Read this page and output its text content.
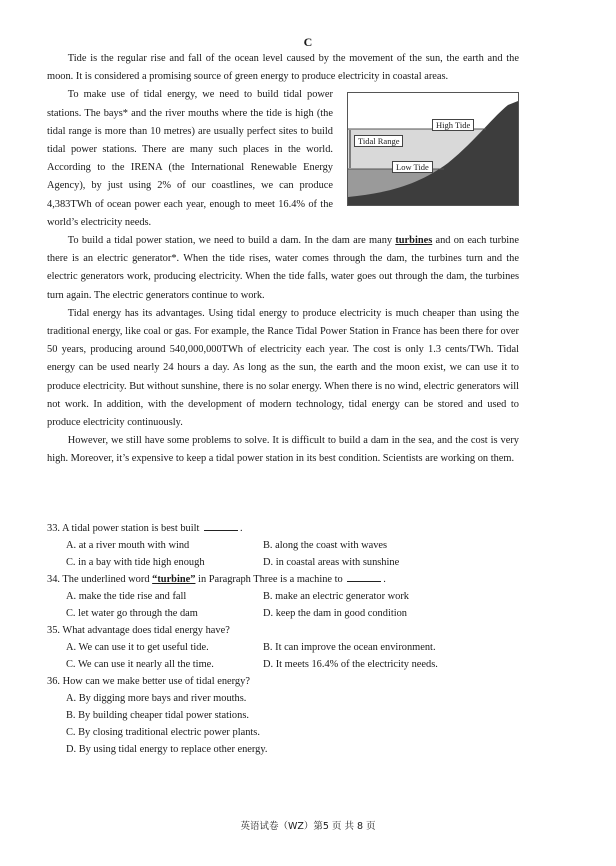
C

Tide is the regular rise and fall of the ocean level caused by the movement of the sun, the earth and the moon. It is considered a promising source of green energy to produce electricity in coastal areas.

High Tide
Tidal Range
Low Tide

To make use of tidal energy, we need to build tidal power stations. The bays* and the river mouths where the tide is high (the tidal range is more than 10 metres) are usually perfect sites to build tidal power stations. There are many such places in the world. According to the IRENA (the International Renewable Energy Agency), by just using 2% of our coastlines, we can produce 4,383TWh of ocean power each year, enough to meet 16.4% of the world’s electricity needs.

To build a tidal power station, we need to build a dam. In the dam are many turbines and on each turbine there is an electric generator*. When the tide rises, water comes through the dam, the turbines turn and the electric generators work, producing electricity. When the tide falls, water goes out through the dam, the turbines turn again. The electric generators continue to work.

Tidal energy has its advantages. Using tidal energy to produce electricity is much cheaper than using the traditional energy, like coal or gas. For example, the Rance Tidal Power Station in France has been there for over 50 years, producing around 540,000,000TWh of electricity each year. The cost is only 1.3 cents/TWh. Tidal energy can be used nearly 24 hours a day. As long as the sun, the earth and the moon exist, we can use it to produce electricity. But without sunshine, there is no solar energy. When there is no wind, electric generators will not work. In addition, with the development of modern technology, tidal energy can be stored and used to produce electricity continuously.

However, we still have some problems to solve. It is difficult to build a dam in the sea, and the cost is very high. Moreover, it’s expensive to keep a tidal power station in its best condition. Scientists are working on them.

33. A tidal power station is best built	.

A. at a river mouth with wind	B. along the coast with waves
C. in a bay with tide high enough	D. in coastal areas with sunshine

34. The underlined word “turbine” in Paragraph Three is a machine to	.

A. make the tide rise and fall	B. make an electric generator work
C. let water go through the dam	D. keep the dam in good condition

35. What advantage does tidal energy have?

A. We can use it to get useful tide.	B. It can improve the ocean environment.
C. We can use it nearly all the time.	D. It meets 16.4% of the electricity needs.

36. How can we make better use of tidal energy?

A. By digging more bays and river mouths.

B. By building cheaper tidal power stations.

C. By closing traditional electric power plants.

D. By using tidal energy to replace other energy.

英语试卷（WZ）第5 页 共 8 页
